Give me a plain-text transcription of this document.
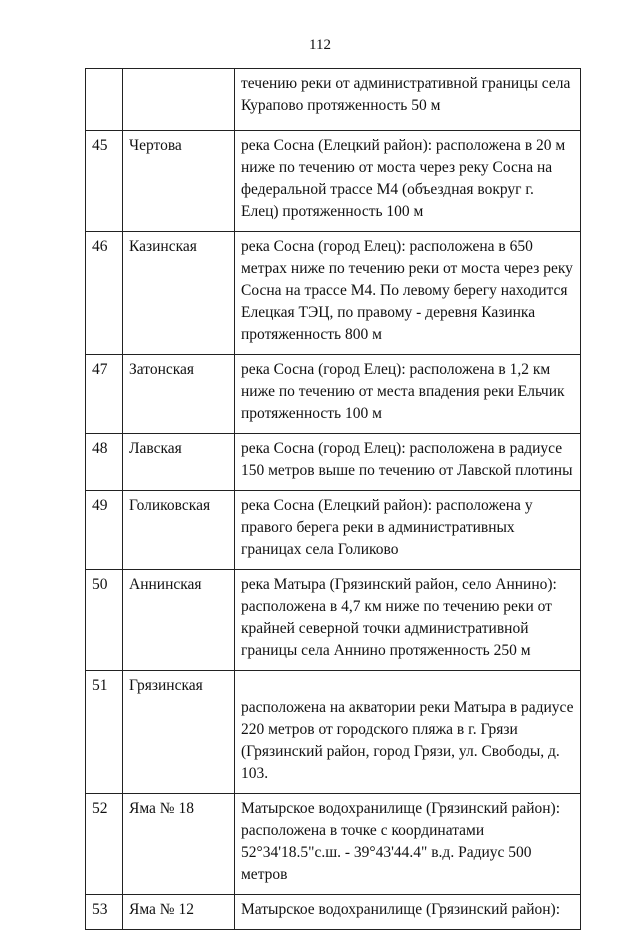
112
		течению реки от административной границы села Курапово протяженность 50 м
45	Чертова	река Сосна (Елецкий район): расположена в 20 м ниже по течению от моста через реку Сосна на федеральной трассе М4 (объездная вокруг г. Елец) протяженность 100 м
46	Казинская	река Сосна (город Елец): расположена в 650 метрах ниже по течению реки от моста через реку Сосна на трассе М4. По левому берегу находится Елецкая ТЭЦ, по правому - деревня Казинка протяженность 800 м
47	Затонская	река Сосна (город Елец): расположена в 1,2 км ниже по течению от места впадения реки Ельчик протяженность 100 м
48	Лавская	река Сосна (город Елец): расположена в радиусе 150 метров выше по течению от Лавской плотины
49	Голиковская	река Сосна (Елецкий район): расположена у правого берега реки в административных границах села Голиково
50	Аннинская	река Матыра (Грязинский район, село Аннино): расположена в 4,7 км ниже по течению реки от крайней северной точки административной границы села Аннино протяженность 250 м
51	Грязинская	расположена на акватории реки Матыра в радиусе 220 метров от городского пляжа в г. Грязи (Грязинский район, город Грязи, ул. Свободы, д. 103.
52	Яма № 18	Матырское водохранилище (Грязинский район): расположена в точке с координатами 52°34'18.5"с.ш. - 39°43'44.4" в.д. Радиус 500 метров
53	Яма № 12	Матырское водохранилище (Грязинский район):
